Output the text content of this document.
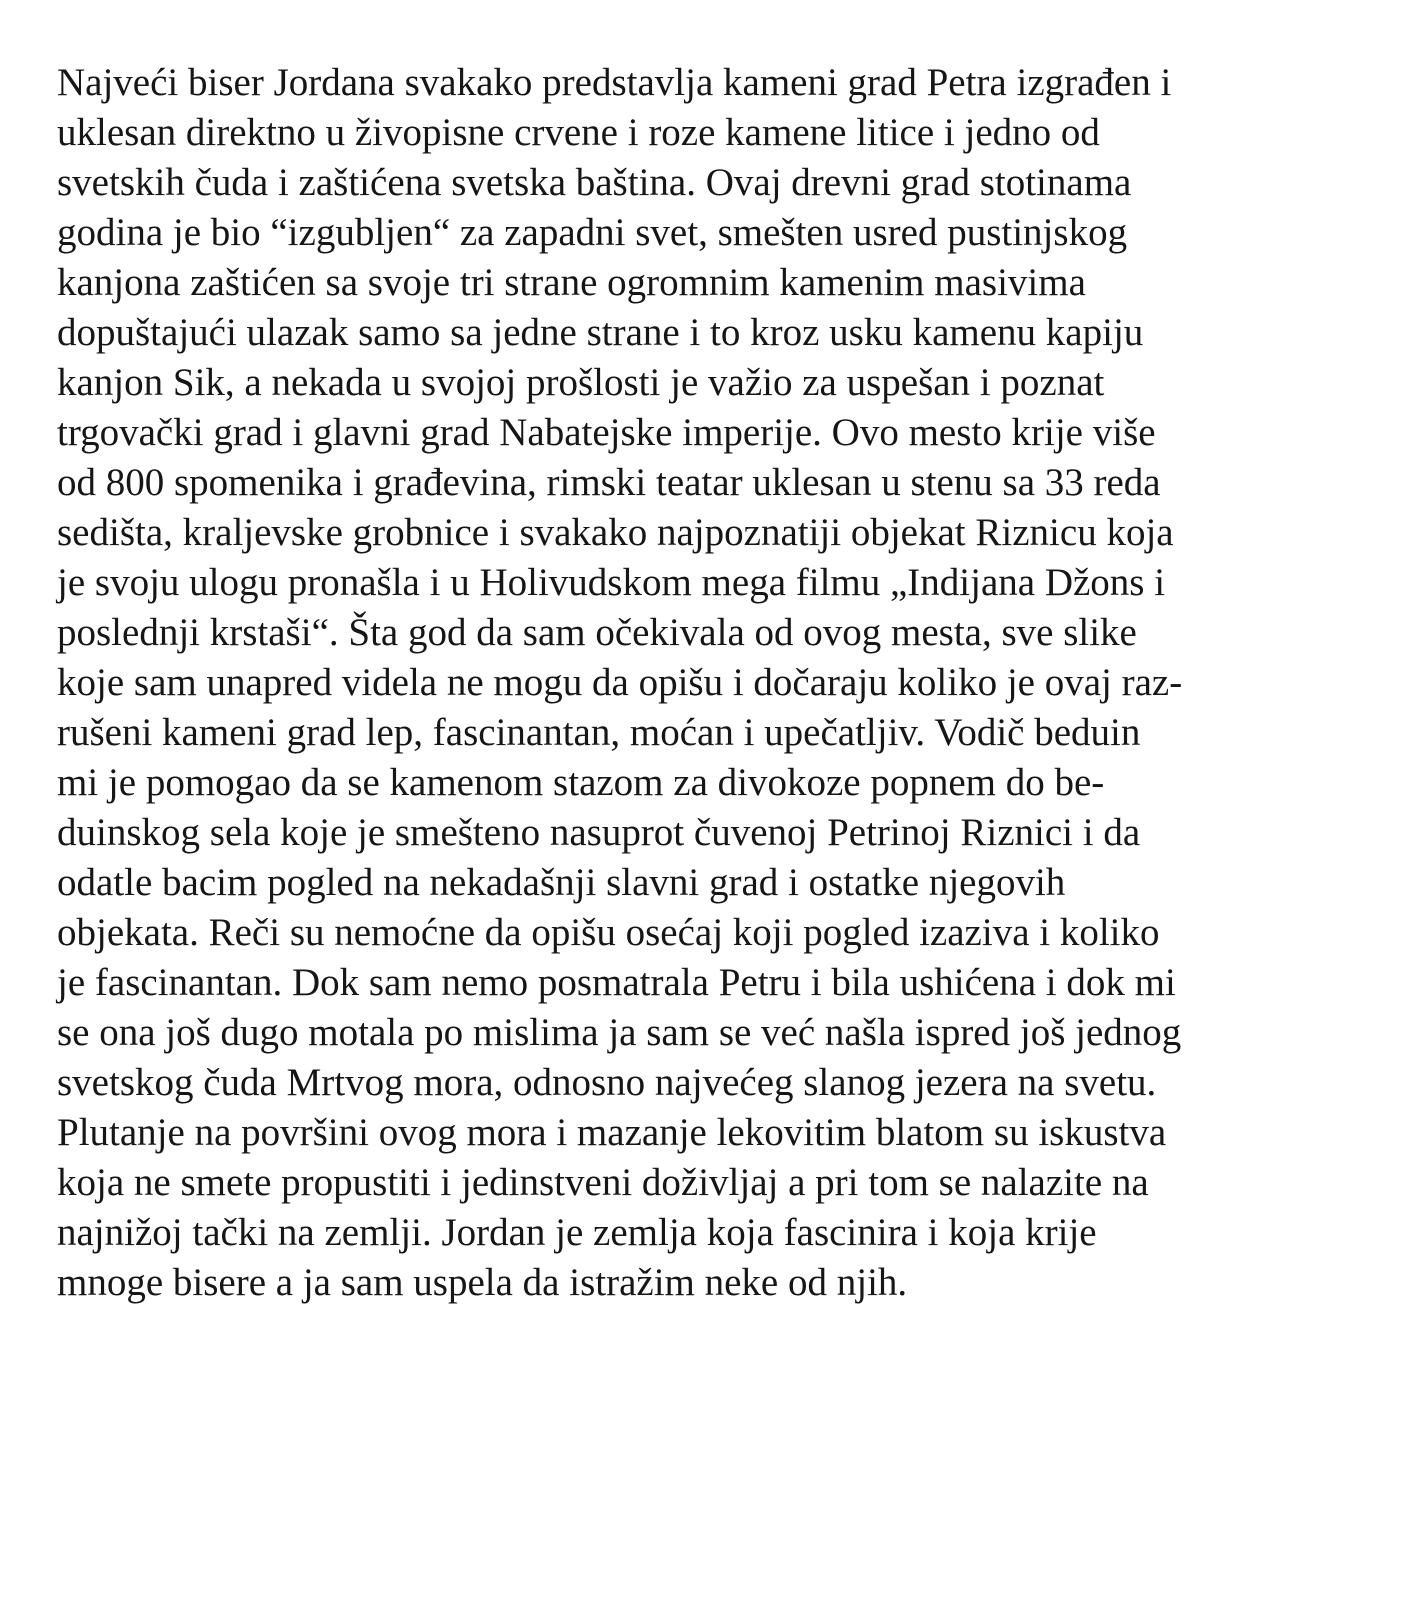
Najveći biser Jordana svakako predstavlja kameni grad Petra izgrađen i
uklesan direktno u živopisne crvene i roze kamene litice i jedno od
svetskih čuda i zaštićena svetska baština. Ovaj drevni grad stotinama
godina je bio “izgubljen“ za zapadni svet, smešten usred pustinjskog
kanjona zaštićen sa svoje tri strane ogromnim kamenim masivima
dopuštajući ulazak samo sa jedne strane i to kroz usku kamenu kapiju
kanjon Sik, a nekada u svojoj prošlosti je važio za uspešan i poznat
trgovački grad i glavni grad Nabatejske imperije. Ovo mesto krije više
od 800 spomenika i građevina, rimski teatar uklesan u stenu sa 33 reda
sedišta, kraljevske grobnice i svakako najpoznatiji objekat Riznicu koja
je svoju ulogu pronašla i u Holivudskom mega filmu „Indijana Džons i
poslednji krstaši“. Šta god da sam očekivala od ovog mesta, sve slike
koje sam unapred videla ne mogu da opišu i dočaraju koliko je ovaj raz-
rušeni kameni grad lep, fascinantan, moćan i upečatljiv. Vodič beduin
mi je pomogao da se kamenom stazom za divokoze popnem do be-
duinskog sela koje je smešteno nasuprot čuvenoj Petrinoj Riznici i da
odatle bacim pogled na nekadašnji slavni grad i ostatke njegovih
objekata. Reči su nemoćne da opišu osećaj koji pogled izaziva i koliko
je fascinantan. Dok sam nemo posmatrala Petru i bila ushićena i dok mi
se ona još dugo motala po mislima ja sam se već našla ispred još jednog
svetskog čuda Mrtvog mora, odnosno najvećeg slanog jezera na svetu.
Plutanje na površini ovog mora i mazanje lekovitim blatom su iskustva
koja ne smete propustiti i jedinstveni doživljaj a pri tom se nalazite na
najnižoj tački na zemlji. Jordan je zemlja koja fascinira i koja krije
mnoge bisere a ja sam uspela da istražim neke od njih.
